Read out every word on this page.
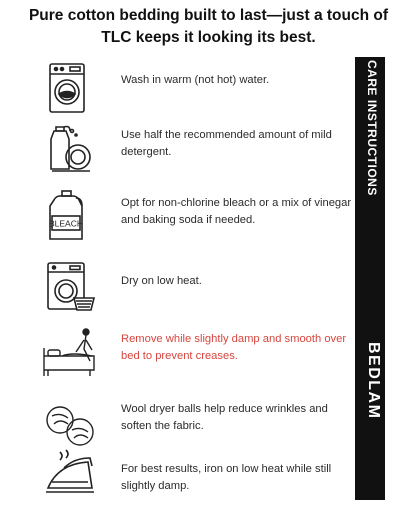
Pure cotton bedding built to last—just a touch of
TLC keeps it looking its best.
CARE INSTRUCTIONS
BEDLAM
Wash in warm (not hot) water.
Use half the recommended amount of mild detergent.
BLEACH
Opt for non-chlorine bleach or a mix of vinegar and baking soda if needed.
Dry on low heat.
Remove while slightly damp and smooth over bed to prevent creases.
Wool dryer balls help reduce wrinkles and soften the fabric.
For best results, iron on low heat while still slightly damp.
